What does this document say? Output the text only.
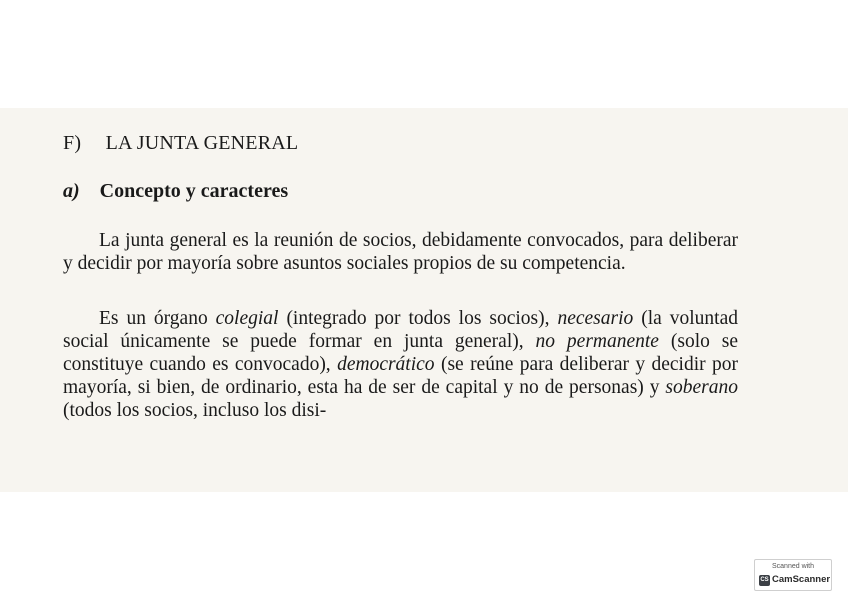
F) LA JUNTA GENERAL
a) Concepto y caracteres

La junta general es la reunión de socios, debidamente convocados, para deliberar y decidir por mayoría sobre asuntos sociales propios de su competencia.

Es un órgano colegial (integrado por todos los socios), necesario (la voluntad social únicamente se puede formar en junta general), no permanente (solo se constituye cuando es convocado), democrático (se reúne para deliberar y decidir por mayoría, si bien, de ordinario, esta ha de ser de capital y no de personas) y soberano (todos los socios, incluso los disi-

Scanned with
CS CamScanner
